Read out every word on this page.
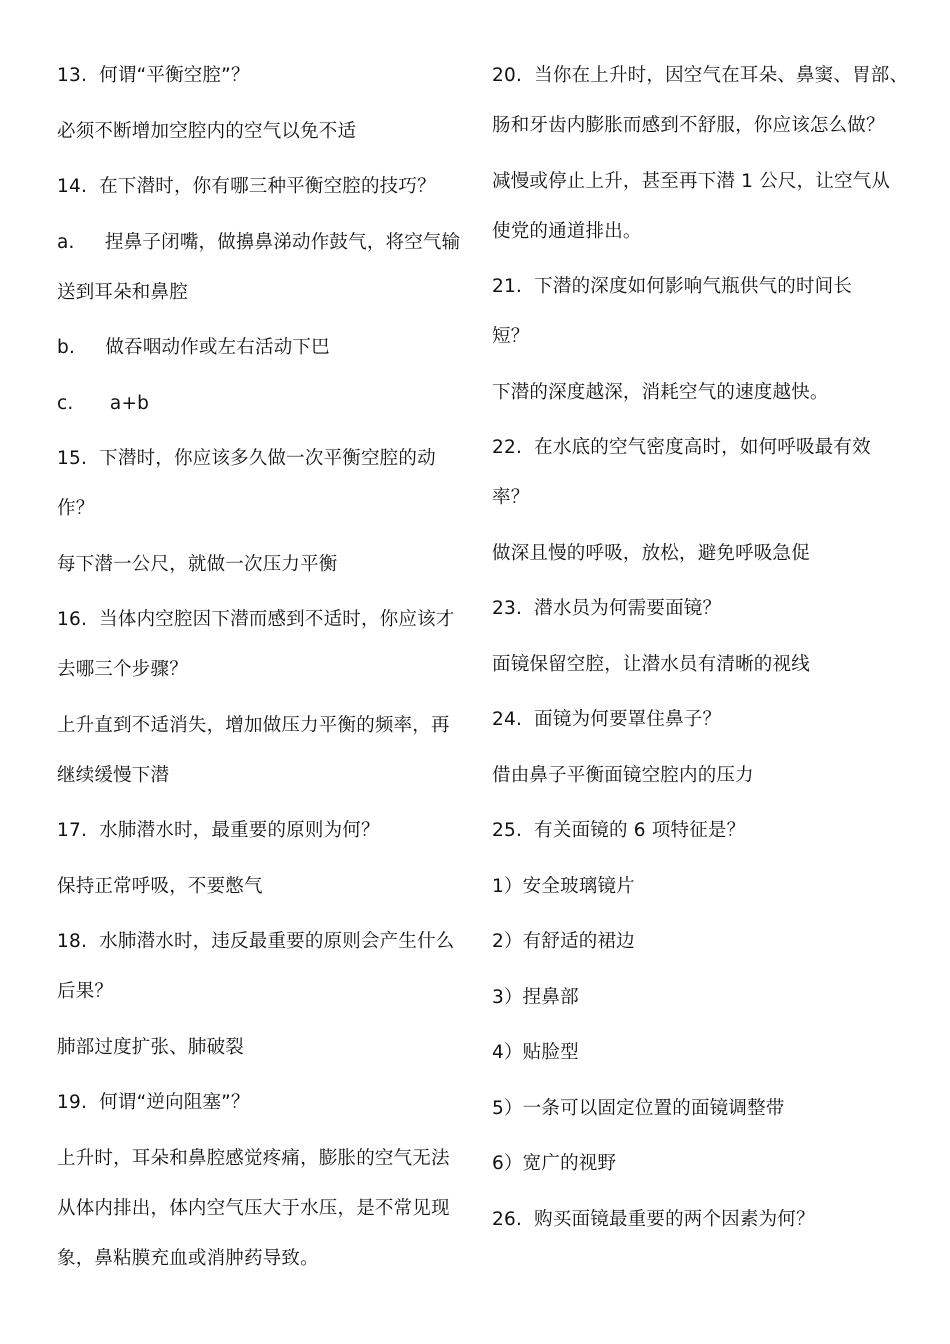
13.  何谓“平衡空腔”？
必须不断增加空腔内的空气以免不适
14.  在下潜时，你有哪三种平衡空腔的技巧？
a.     捏鼻子闭嘴，做擤鼻涕动作鼓气，将空气输
送到耳朵和鼻腔
b.     做吞咽动作或左右活动下巴
c.      a+b
15.  下潜时，你应该多久做一次平衡空腔的动
作？
每下潜一公尺，就做一次压力平衡
16.  当体内空腔因下潜而感到不适时，你应该才
去哪三个步骤？
上升直到不适消失，增加做压力平衡的频率，再
继续缓慢下潜
17.  水肺潜水时，最重要的原则为何？
保持正常呼吸，不要憋气
18.  水肺潜水时，违反最重要的原则会产生什么
后果？
肺部过度扩张、肺破裂
19.  何谓“逆向阻塞”？
上升时，耳朵和鼻腔感觉疼痛，膨胀的空气无法
从体内排出，体内空气压大于水压，是不常见现
象，鼻粘膜充血或消肿药导致。
20.  当你在上升时，因空气在耳朵、鼻窦、胃部、
肠和牙齿内膨胀而感到不舒服，你应该怎么做？
减慢或停止上升，甚至再下潜 1 公尺，让空气从
使党的通道排出。
21.  下潜的深度如何影响气瓶供气的时间长
短？
下潜的深度越深，消耗空气的速度越快。
22.  在水底的空气密度高时，如何呼吸最有效
率？
做深且慢的呼吸，放松，避免呼吸急促
23.  潜水员为何需要面镜？
面镜保留空腔，让潜水员有清晰的视线
24.  面镜为何要罩住鼻子？
借由鼻子平衡面镜空腔内的压力
25.  有关面镜的 6 项特征是？
1）安全玻璃镜片
2）有舒适的裙边
3）捏鼻部
4）贴脸型
5）一条可以固定位置的面镜调整带
6）宽广的视野
26.  购买面镜最重要的两个因素为何？
